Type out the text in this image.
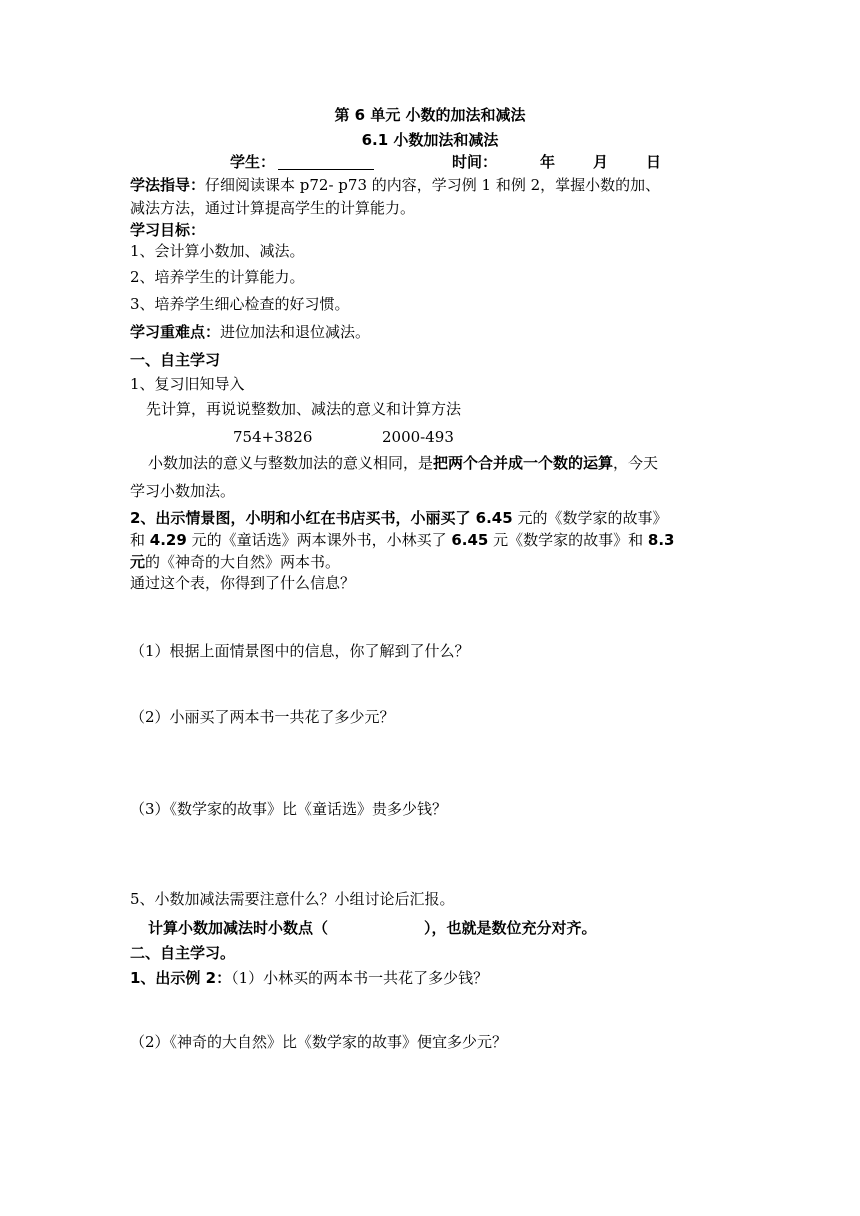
第 6 单元 小数的加法和减法
6.1 小数加法和减法
学生：	时间：	年	月	日
学法指导：仔细阅读课本 p72- p73 的内容，学习例 1 和例 2，掌握小数的加、
减法方法，通过计算提高学生的计算能力。
学习目标：
1、会计算小数加、减法。
2、培养学生的计算能力。
3、培养学生细心检查的好习惯。
学习重难点：进位加法和退位减法。
一、自主学习
1、复习旧知导入
先计算，再说说整数加、减法的意义和计算方法
754+3826	2000-493
小数加法的意义与整数加法的意义相同，是把两个合并成一个数的运算，今天
学习小数加法。
2、出示情景图，小明和小红在书店买书，小丽买了 6.45 元的《数学家的故事》
和 4.29 元的《童话选》两本课外书，小林买了 6.45 元《数学家的故事》和 8.3
元的《神奇的大自然》两本书。
通过这个表，你得到了什么信息？
（1）根据上面情景图中的信息，你了解到了什么？
（2）小丽买了两本书一共花了多少元？
（3）《数学家的故事》比《童话选》贵多少钱？
5、小数加减法需要注意什么？小组讨论后汇报。
计算小数加减法时小数点（	），也就是数位充分对齐。
二、自主学习。
1、出示例 2：（1）小林买的两本书一共花了多少钱？
（2）《神奇的大自然》比《数学家的故事》便宜多少元？
